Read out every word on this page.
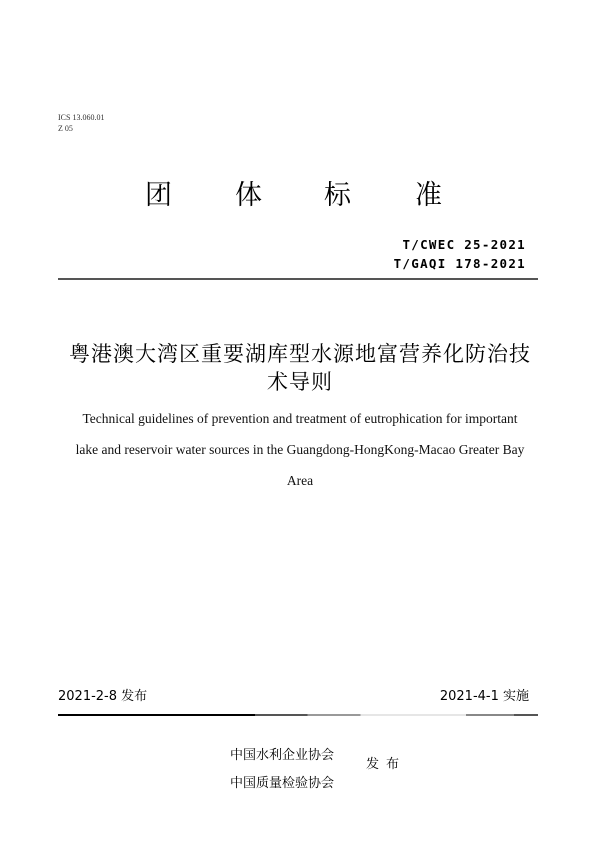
ICS 13.060.01
Z 05
团 体 标 准
T/CWEC 25-2021
T/GAQI 178-2021
粤港澳大湾区重要湖库型水源地富营养化防治技
术导则
Technical guidelines of prevention and treatment of eutrophication for important
lake and reservoir water sources in the Guangdong-HongKong-Macao Greater Bay
Area
2021-2-8 发布	2021-4-1 实施
中国水利企业协会
中国质量检验协会
发布
